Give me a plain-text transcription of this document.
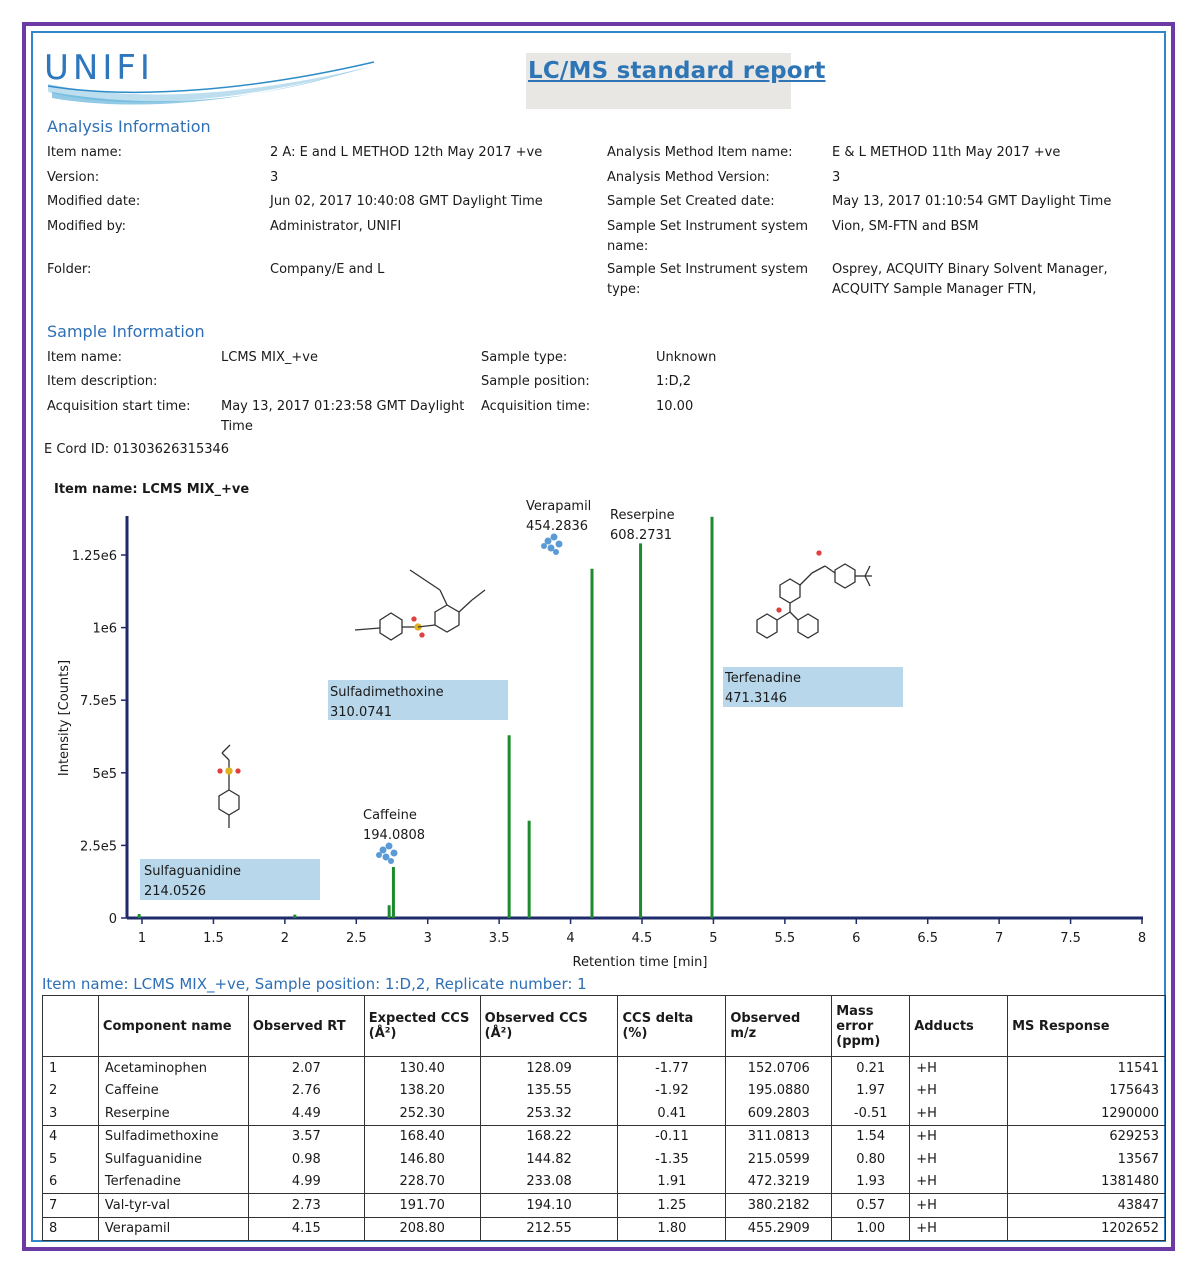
UNIFI	LC/MS standard report
Analysis Information
Item name:	2 A: E and L METHOD 12th May 2017 +ve
Version:	3
Modified date:	Jun 02, 2017 10:40:08 GMT Daylight Time
Modified by:	Administrator, UNIFI
Folder:	Company/E and L
Analysis Method Item name:	E & L METHOD 11th May 2017 +ve
Analysis Method Version:	3
Sample Set Created date:	May 13, 2017 01:10:54 GMT Daylight Time
Sample Set Instrument system name:
Vion, SM-FTN and BSM
Sample Set Instrument system type:
Osprey, ACQUITY Binary Solvent Manager, ACQUITY Sample Manager FTN,
Sample Information
Item name:	LCMS MIX_+ve
Item description:
Acquisition start time: May 13, 2017 01:23:58 GMT Daylight Time
Sample type:	Unknown
Sample position:	1:D,2
Acquisition time:	10.00
E Cord ID: 01303626315346
Item name: LCMS MIX_+ve
1	1.5	2	2.5	3	3.5	4	4.5	5	5.5	6	6.5	7	7.5	8
0
2.5e5
5e5
7.5e5
1e6
1.25e6
Retention time [min]
Intensity [Counts]
Sulfaguanidine
214.0526
Caffeine
194.0808
Sulfadimethoxine
310.0741
Verapamil
454.2836
Reserpine
608.2731
Terfenadine
471.3146
Item name: LCMS MIX_+ve, Sample position: 1:D,2, Replicate number: 1
	Component name	Observed RT	Expected CCS (Å²)	Observed CCS (Å²)	CCS delta (%)	Observed m/z	Mass error (ppm)	Adducts	MS Response
1	Acetaminophen	2.07	130.40	128.09	-1.77	152.0706	0.21	+H	11541
2	Caffeine	2.76	138.20	135.55	-1.92	195.0880	1.97	+H	175643
3	Reserpine	4.49	252.30	253.32	0.41	609.2803	-0.51	+H	1290000
4	Sulfadimethoxine	3.57	168.40	168.22	-0.11	311.0813	1.54	+H	629253
5	Sulfaguanidine	0.98	146.80	144.82	-1.35	215.0599	0.80	+H	13567
6	Terfenadine	4.99	228.70	233.08	1.91	472.3219	1.93	+H	1381480
7	Val-tyr-val	2.73	191.70	194.10	1.25	380.2182	0.57	+H	43847
8	Verapamil	4.15	208.80	212.55	1.80	455.2909	1.00	+H	1202652
